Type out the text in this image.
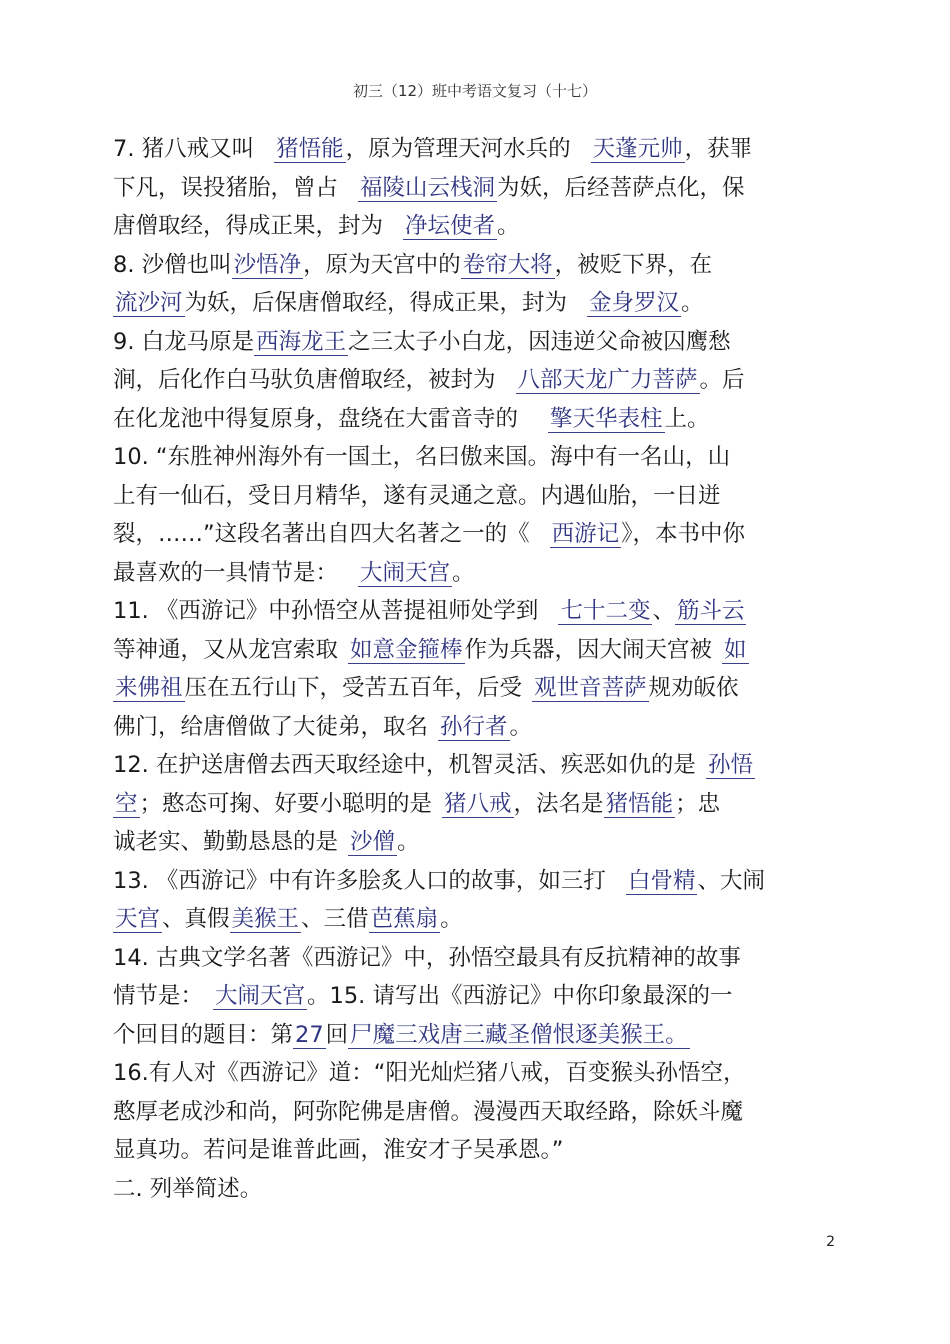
初三（12）班中考语文复习（十七）
7. 猪八戒又叫 猪悟能，原为管理天河水兵的 天蓬元帅，获罪
下凡，误投猪胎，曾占 福陵山云栈洞为妖，后经菩萨点化，保
唐僧取经，得成正果，封为 净坛使者。
8. 沙僧也叫沙悟净，原为天宫中的卷帘大将，被贬下界，在
流沙河为妖，后保唐僧取经，得成正果，封为 金身罗汉。
9. 白龙马原是西海龙王之三太子小白龙，因违逆父命被囚鹰愁
涧，后化作白马驮负唐僧取经，被封为 八部天龙广力菩萨。后
在化龙池中得复原身，盘绕在大雷音寺的 擎天华表柱上。
10. “东胜神州海外有一国土，名曰傲来国。海中有一名山，山
上有一仙石，受日月精华，遂有灵通之意。内遇仙胎，一日迸
裂，……”这段名著出自四大名著之一的《 西游记》，本书中你
最喜欢的一具情节是： 大闹天宫。
11. 《西游记》中孙悟空从菩提祖师处学到 七十二变、筋斗云
等神通，又从龙宫索取 如意金箍棒作为兵器，因大闹天宫被 如
来佛祖压在五行山下，受苦五百年，后受 观世音菩萨规劝皈依
佛门，给唐僧做了大徒弟，取名 孙行者。
12. 在护送唐僧去西天取经途中，机智灵活、疾恶如仇的是 孙悟
空；憨态可掬、好要小聪明的是 猪八戒，法名是猪悟能；忠
诚老实、勤勤恳恳的是 沙僧。
13. 《西游记》中有许多脍炙人口的故事，如三打 白骨精、大闹
天宫、真假美猴王、三借芭蕉扇。
14. 古典文学名著《西游记》中，孙悟空最具有反抗精神的故事
情节是： 大闹天宫。15. 请写出《西游记》中你印象最深的一
个回目的题目：第27回尸魔三戏唐三藏圣僧恨逐美猴王。
16.有人对《西游记》道：“阳光灿烂猪八戒，百变猴头孙悟空，
憨厚老成沙和尚，阿弥陀佛是唐僧。漫漫西天取经路，除妖斗魔
显真功。若问是谁普此画，淮安才子吴承恩。”
二. 列举简述。
2
